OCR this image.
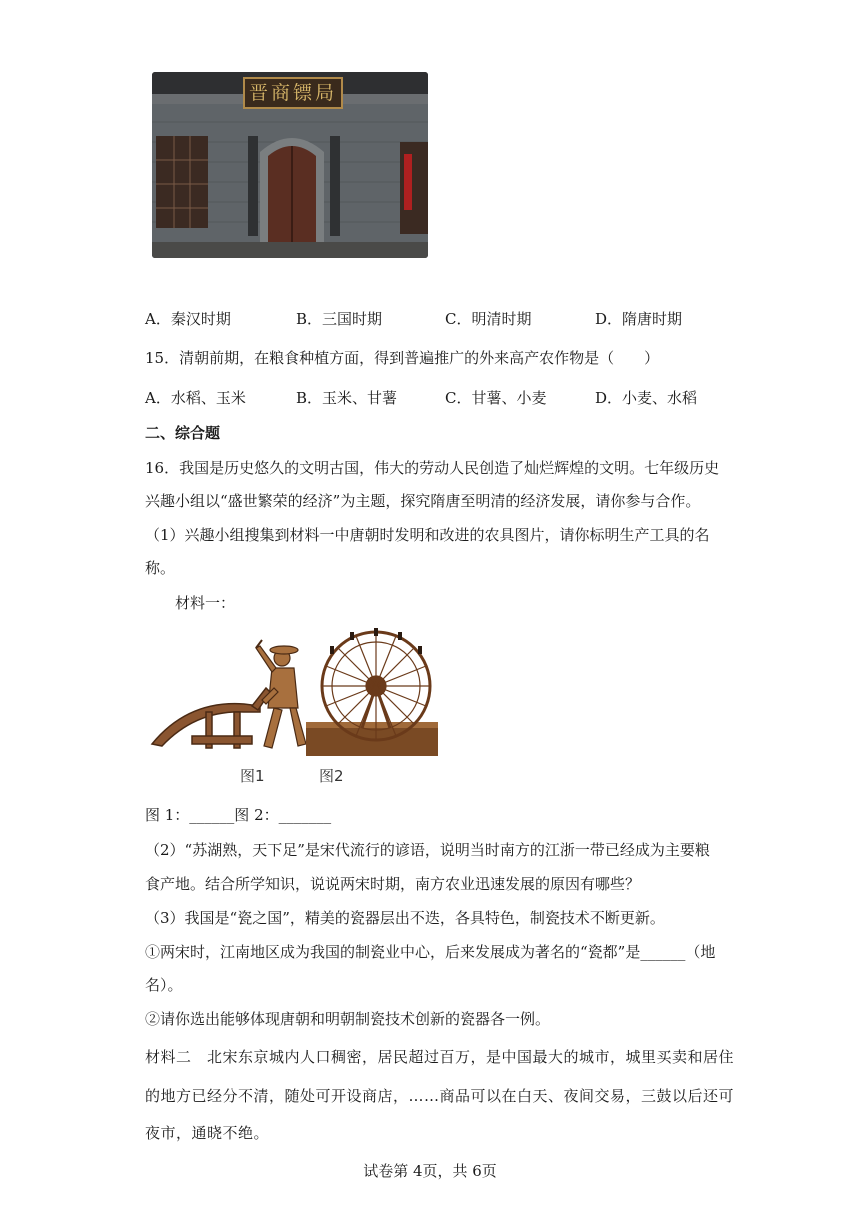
晋商镖局
A．秦汉时期	B．三国时期	C．明清时期	D．隋唐时期
15．清朝前期，在粮食种植方面，得到普遍推广的外来高产农作物是（　　）
A．水稻、玉米	B．玉米、甘薯	C．甘薯、小麦	D．小麦、水稻
二、综合题
16．我国是历史悠久的文明古国，伟大的劳动人民创造了灿烂辉煌的文明。七年级历史
兴趣小组以“盛世繁荣的经济”为主题，探究隋唐至明清的经济发展，请你参与合作。
（1）兴趣小组搜集到材料一中唐朝时发明和改进的农具图片，请你标明生产工具的名
称。
材料一：
图1	图2
图 1：______图 2：_______
（2）“苏湖熟，天下足”是宋代流行的谚语，说明当时南方的江浙一带已经成为主要粮
食产地。结合所学知识，说说两宋时期，南方农业迅速发展的原因有哪些？
（3）我国是“瓷之国”，精美的瓷器层出不迭，各具特色，制瓷技术不断更新。
①两宋时，江南地区成为我国的制瓷业中心，后来发展成为著名的“瓷都”是______（地
名）。
②请你选出能够体现唐朝和明朝制瓷技术创新的瓷器各一例。
材料二　北宋东京城内人口稠密，居民超过百万，是中国最大的城市，城里买卖和居住
的地方已经分不清，随处可开设商店，……商品可以在白天、夜间交易，三鼓以后还可
夜市，通晓不绝。
试卷第 4页，共 6页
